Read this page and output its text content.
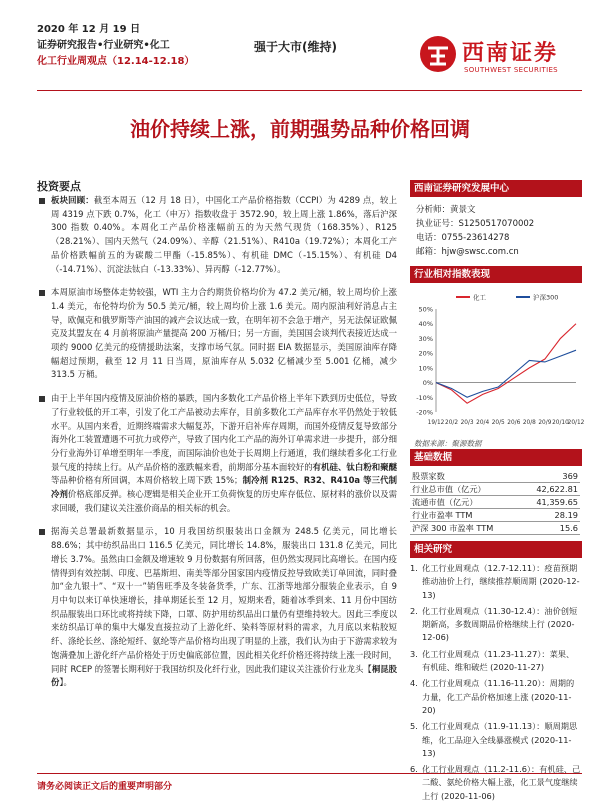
2020 年 12 月 19 日
证券研究报告•行业研究•化工
化工行业周观点（12.14-12.18）
强于大市(维持)	西南证券
SOUTHWEST SECURITIES
油价持续上涨，前期强势品种价格回调
投资要点
板块回顾：截至本周五（12 月 18 日），中国化工产品价格指数（CCPI）为 4289 点，较上周 4319 点下跌 0.7%，化工（申万）指数收盘于 3572.90，较上周上涨 1.86%，落后沪深 300 指数 0.40%。本周化工产品价格涨幅前五的为天然气现货（168.35%）、R125（28.21%）、国内天然气（24.09%）、辛醇（21.51%）、R410a（19.72%）；本周化工产品价格跌幅前五的为碳酸二甲酯（-15.85%）、有机硅 DMC（-15.15%）、有机硅 D4（-14.71%）、沉淀法钛白（-13.33%）、异丙醇（-12.77%）。
本周原油市场整体走势较强，WTI 主力合约期货价格均价为 47.2 美元/桶，较上周均价上涨 1.4 美元，布伦特均价为 50.5 美元/桶，较上周均价上涨 1.6 美元。周内原油利好消息占主导，欧佩克和俄罗斯等产油国的减产会议达成一致，在明年初不会急于增产，另无法保证欧佩克及其盟友在 4 月前将原油产量提高 200 万桶/日；另一方面，美国国会谈判代表接近达成一项约 9000 亿美元的疫情援助法案，支撑市场气氛。同时据 EIA 数据显示，美国原油库存降幅超过预期，截至 12 月 11 日当周，原油库存从 5.032 亿桶减少至 5.001 亿桶，减少 313.5 万桶。
由于上半年国内疫情及原油价格的暴跌，国内多数化工产品价格上半年下跌到历史低位，导致了行业较低的开工率，引发了化工产品被动去库存，目前多数化工产品库存水平仍然处于较低水平。从国内来看，近期终端需求大幅复苏，下游开启补库存周期，而国外疫情反复导致部分海外化工装置遭遇不可抗力或停产，导致了国内化工产品的海外订单需求进一步提升，部分细分行业海外订单增至明年一季度，而国际油价也处于长周期上行通道，我们继续看多化工行业景气度的持续上行。从产品价格的涨跌幅来看，前期部分基本面较好的有机硅、钛白粉和聚醚等品种价格有所回调，本周价格较上周下跌 15%；制冷剂 R125、R32、R410a 等三代制冷剂价格底部反弹。核心逻辑是相关企业开工负荷恢复的历史库存低位、原材料的涨价以及需求回暖，我们建议关注涨价商品的相关标的机会。
据海关总署最新数据显示，10 月我国纺织服装出口金额为 248.5 亿美元，同比增长 88.6%；其中纺织品出口 116.5 亿美元，同比增长 14.8%，服装出口 131.8 亿美元，同比增长 3.7%。虽然由口金额及增速较 9 月份数据有所回落，但仍然实现同比高增长。在国内疫情得到有效控制、印度、巴基斯坦、南美等部分国家国内疫情反控导致欧美订单回流，同时叠加“金九银十”、“双十一”销售旺季及冬装备货季，广东、江浙等地部分服装企业表示，自 9 月中旬以来订单快速增长，排单期延长至 12 月，短期来看，随着冰季到来、11 月份中国纺织品服装出口环比或将持续下降，口罩、防护用纺织品出口量仍有望维持较大。因此三季度以来纺织品订单的集中大爆发直接拉动了上游化纤、染料等原材料的需求，九月底以来粘胶短纤、涤纶长丝、涤纶短纤、氨纶等产品价格均出现了明显的上涨，我们认为由于下游需求较为饱满叠加上游化纤产品价格处于历史偏底部位置，因此相关化纤价格还将持续上涨一段时间，同时 RCEP 的签署长期利好于我国纺织及化纤行业，因此我们建议关注涨价行业龙头【桐昆股份】。
西南证券研究发展中心
分析师：黄景文
执业证号：S1250517070002
电话：0755-23614278
邮箱：hjw@swsc.com.cn
行业相对指数表现
-20%
-10%
0%
10%
20%
30%
40%
50%
19/12 20/2 20/3 20/4 20/5 20/6 20/8 20/9 20/10
20/12
化工	沪深300
数据来源：聚源数据
基础数据
股票家数	369
行业总市值（亿元）	42,622.81
流通市值（亿元）	41,359.65
行业市盈率 TTM	28.19
沪深 300 市盈率 TTM	15.6
相关研究
1. 化工行业周观点（12.7-12.11）：疫苗预期推动油价上行，继续推荐顺周期 (2020-12-13)
2. 化工行业周观点（11.30-12.4）：油价创短期新高，多数周期品价格继续上行 (2020-12-06)
3. 化工行业周观点（11.23-11.27）：菜果、有机硅、维和破烂 (2020-11-27)
4. 化工行业周观点（11.16-11.20）：周期的力量，化工产品价格加速上涨 (2020-11-20)
5. 化工行业周观点（11.9-11.13）：顺周期思维，化工品迎入全线暴涨模式 (2020-11-13)
6. 化工行业周观点（11.2-11.6）：有机硅、己二酸、氨纶价格大幅上涨，化工景气度继续上行 (2020-11-06)
请务必阅读正文后的重要声明部分
